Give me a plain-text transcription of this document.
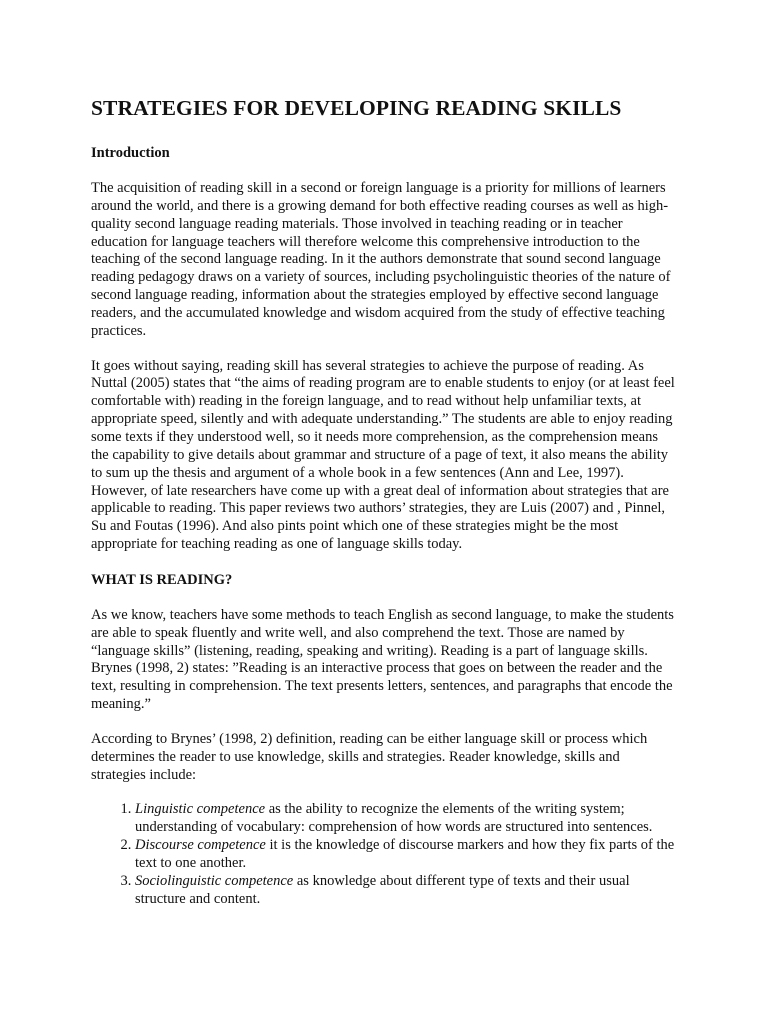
STRATEGIES FOR DEVELOPING READING SKILLS
Introduction

The acquisition of reading skill in a second or foreign language is a priority for millions of learners around the world, and there is a growing demand for both effective reading courses as well as high-quality second language reading materials. Those involved in teaching reading or in teacher education for language teachers will therefore welcome this comprehensive introduction to the teaching of the second language reading. In it the authors demonstrate that sound second language reading pedagogy draws on a variety of sources, including psycholinguistic theories of the nature of second language reading, information about the strategies employed by effective second language readers, and the accumulated knowledge and wisdom acquired from the study of effective teaching practices.

It goes without saying, reading skill has several strategies to achieve the purpose of reading. As Nuttal (2005) states that “the aims of reading program are to enable students to enjoy (or at least feel comfortable with) reading in the foreign language, and to read without help unfamiliar texts, at appropriate speed, silently and with adequate understanding.” The students are able to enjoy reading some texts if they understood well, so it needs more comprehension, as the comprehension means the capability to give details about grammar and structure of a page of text, it also means the ability to sum up the thesis and argument of a whole book in a few sentences (Ann and Lee, 1997). However, of late researchers have come up with a great deal of information about strategies that are applicable to reading. This paper reviews two authors’ strategies, they are Luis (2007) and , Pinnel, Su and Foutas (1996). And also pints point which one of these strategies might be the most appropriate for teaching reading as one of language skills today.

WHAT IS READING?

As we know, teachers have some methods to teach English as second language, to make the students are able to speak fluently and write well, and also comprehend the text. Those are named by “language skills” (listening, reading, speaking and writing). Reading is a part of language skills. Brynes (1998, 2) states: ”Reading is an interactive process that goes on between the reader and the text, resulting in comprehension. The text presents letters, sentences, and paragraphs that encode the meaning.”

According to Brynes’ (1998, 2) definition, reading can be either language skill or process which determines the reader to use knowledge, skills and strategies. Reader knowledge, skills and strategies include:

1. Linguistic competence as the ability to recognize the elements of the writing system; understanding of vocabulary: comprehension of how words are structured into sentences.
2. Discourse competence it is the knowledge of discourse markers and how they fix parts of the text to one another.
3. Sociolinguistic competence as knowledge about different type of texts and their usual structure and content.
